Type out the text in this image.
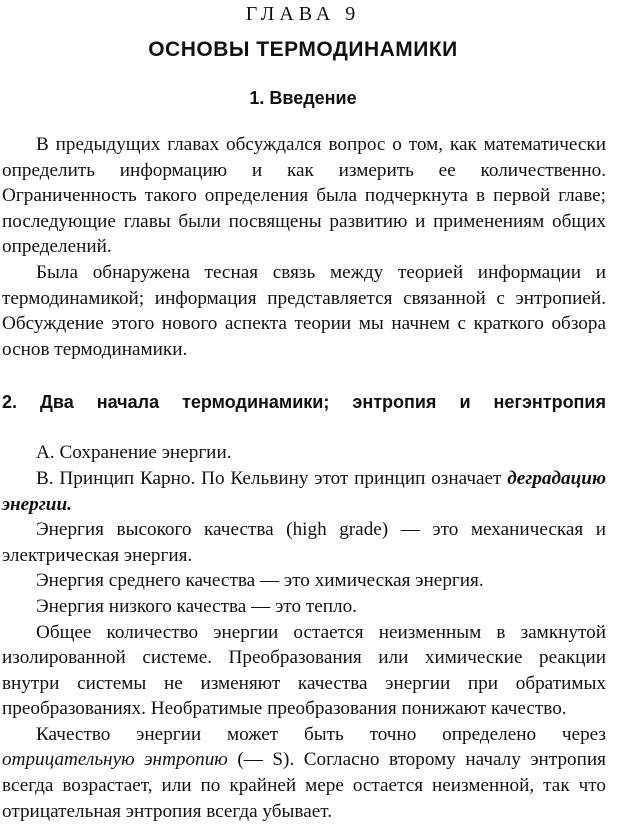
ГЛАВА 9
ОСНОВЫ ТЕРМОДИНАМИКИ
1. Введение

В предыдущих главах обсуждался вопрос о том, как математически определить информацию и как измерить ее количественно. Ограниченность такого определения была подчеркнута в первой главе; последующие главы были посвящены развитию и применениям общих определений.

Была обнаружена тесная связь между теорией информации и термодинамикой; информация представляется связанной с энтропией. Обсуждение этого нового аспекта теории мы начнем с краткого обзора основ термодинамики.

2. Два начала термодинамики; энтропия и негэнтропия

А. Сохранение энергии.

В. Принцип Карно. По Кельвину этот принцип означает деградацию энергии.

Энергия высокого качества (high grade) — это механическая и электрическая энергия.

Энергия среднего качества — это химическая энергия.

Энергия низкого качества — это тепло.

Общее количество энергии остается неизменным в замкнутой изолированной системе. Преобразования или химические реакции внутри системы не изменяют качества энергии при обратимых преобразованиях. Необратимые преобразования понижают качество.

Качество энергии может быть точно определено через отрицательную энтропию (— S). Согласно второму началу энтропия всегда возрастает, или по крайней мере остается неизменной, так что отрицательная энтропия всегда убывает.
